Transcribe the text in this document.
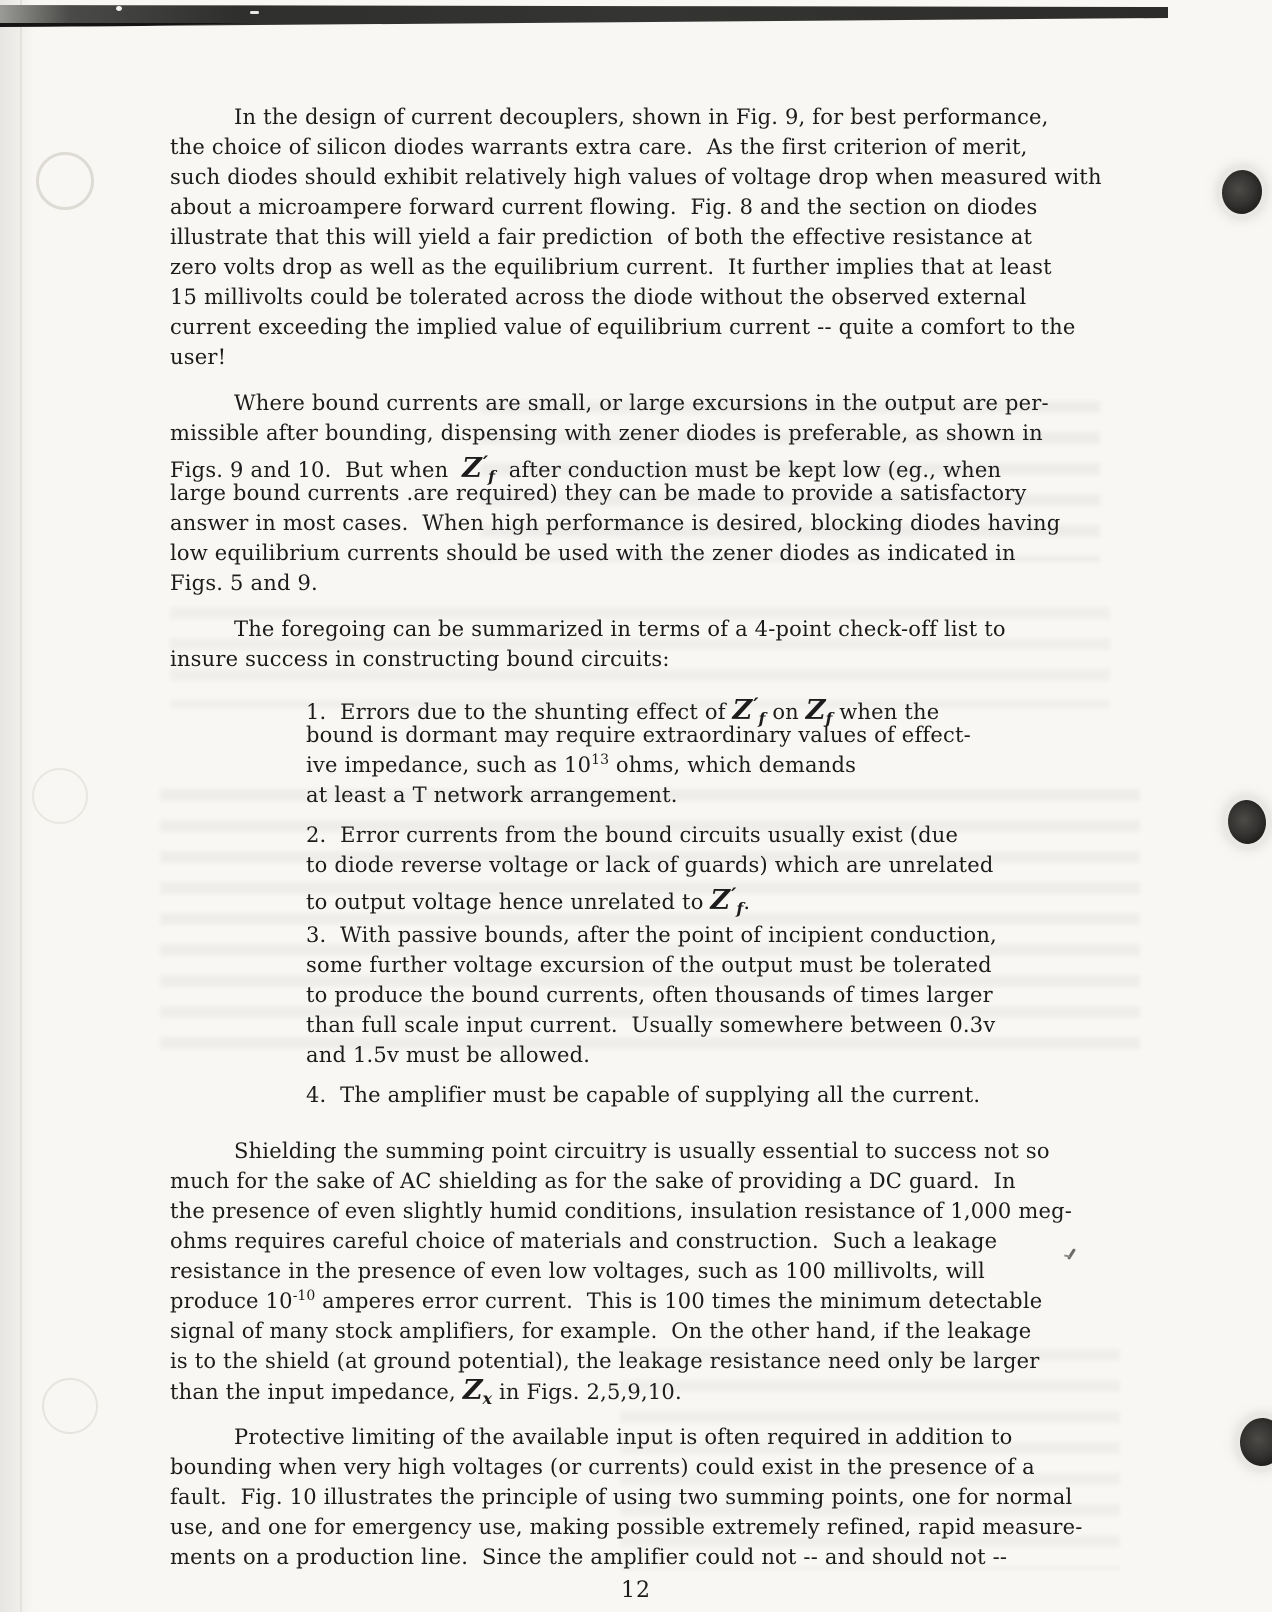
In the design of current decouplers, shown in Fig. 9, for best performance,
the choice of silicon diodes warrants extra care.  As the first criterion of merit,
such diodes should exhibit relatively high values of voltage drop when measured with
about a microampere forward current flowing.  Fig. 8 and the section on diodes
illustrate that this will yield a fair prediction  of both the effective resistance at
zero volts drop as well as the equilibrium current.  It further implies that at least
15 millivolts could be tolerated across the diode without the observed external
current exceeding the implied value of equilibrium current -- quite a comfort to the
user!
Where bound currents are small, or large excursions in the output are per-
missible after bounding, dispensing with zener diodes is preferable, as shown in
Figs. 9 and 10.  But when  $Z'_f$  after conduction must be kept low (eg., when
large bound currents .are required) they can be made to provide a satisfactory
answer in most cases.  When high performance is desired, blocking diodes having
low equilibrium currents should be used with the zener diodes as indicated in
Figs. 5 and 9.
The foregoing can be summarized in terms of a 4-point check-off list to
insure success in constructing bound circuits:
1.  Errors due to the shunting effect of $Z'_f$ on $Z_f$ when the
bound is dormant may require extraordinary values of effect-
ive impedance, such as $10^{13}$ ohms, which demands
at least a T network arrangement.
2.  Error currents from the bound circuits usually exist (due
to diode reverse voltage or lack of guards) which are unrelated
to output voltage hence unrelated to $Z'_f$.
3.  With passive bounds, after the point of incipient conduction,
some further voltage excursion of the output must be tolerated
to produce the bound currents, often thousands of times larger
than full scale input current.  Usually somewhere between 0.3v
and 1.5v must be allowed.
4.  The amplifier must be capable of supplying all the current.
Shielding the summing point circuitry is usually essential to success not so
much for the sake of AC shielding as for the sake of providing a DC guard.  In
the presence of even slightly humid conditions, insulation resistance of 1,000 meg-
ohms requires careful choice of materials and construction.  Such a leakage
resistance in the presence of even low voltages, such as 100 millivolts, will
produce $10^{-10}$ amperes error current.  This is 100 times the minimum detectable
signal of many stock amplifiers, for example.  On the other hand, if the leakage
is to the shield (at ground potential), the leakage resistance need only be larger
than the input impedance, $Z_x$ in Figs. 2,5,9,10.
Protective limiting of the available input is often required in addition to
bounding when very high voltages (or currents) could exist in the presence of a
fault.  Fig. 10 illustrates the principle of using two summing points, one for normal
use, and one for emergency use, making possible extremely refined, rapid measure-
ments on a production line.  Since the amplifier could not -- and should not --
12
